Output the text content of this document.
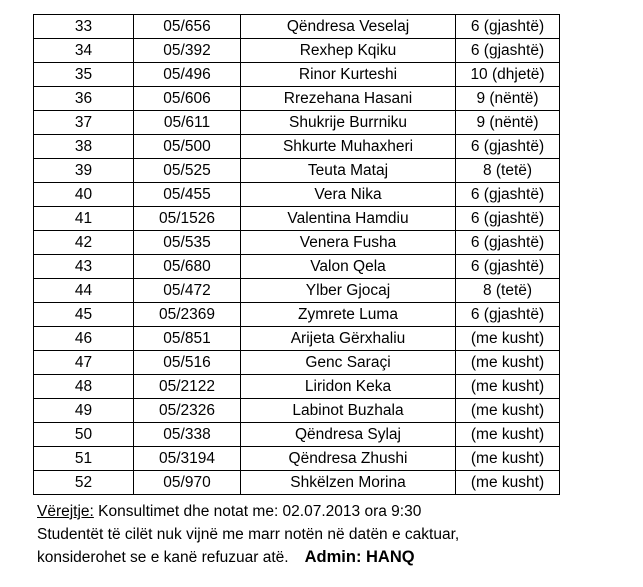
33	05/656	Qëndresa Veselaj	6 (gjashtë)
34	05/392	Rexhep Kqiku	6 (gjashtë)
35	05/496	Rinor Kurteshi	10 (dhjetë)
36	05/606	Rrezehana Hasani	9 (nëntë)
37	05/611	Shukrije Burrniku	9 (nëntë)
38	05/500	Shkurte Muhaxheri	6 (gjashtë)
39	05/525	Teuta Mataj	8 (tetë)
40	05/455	Vera Nika	6 (gjashtë)
41	05/1526	Valentina Hamdiu	6 (gjashtë)
42	05/535	Venera Fusha	6 (gjashtë)
43	05/680	Valon Qela	6 (gjashtë)
44	05/472	Ylber Gjocaj	8 (tetë)
45	05/2369	Zymrete Luma	6 (gjashtë)
46	05/851	Arijeta Gërxhaliu	(me kusht)
47	05/516	Genc Saraçi	(me kusht)
48	05/2122	Liridon Keka	(me kusht)
49	05/2326	Labinot Buzhala	(me kusht)
50	05/338	Qëndresa Sylaj	(me kusht)
51	05/3194	Qëndresa Zhushi	(me kusht)
52	05/970	Shkëlzen Morina	(me kusht)
Vërejtje: Konsultimet dhe notat me: 02.07.2013 ora 9:30
Studentët të cilët nuk vijnë me marr notën në datën e caktuar,
konsiderohet se e kanë refuzuar atë. Admin: HANQ
